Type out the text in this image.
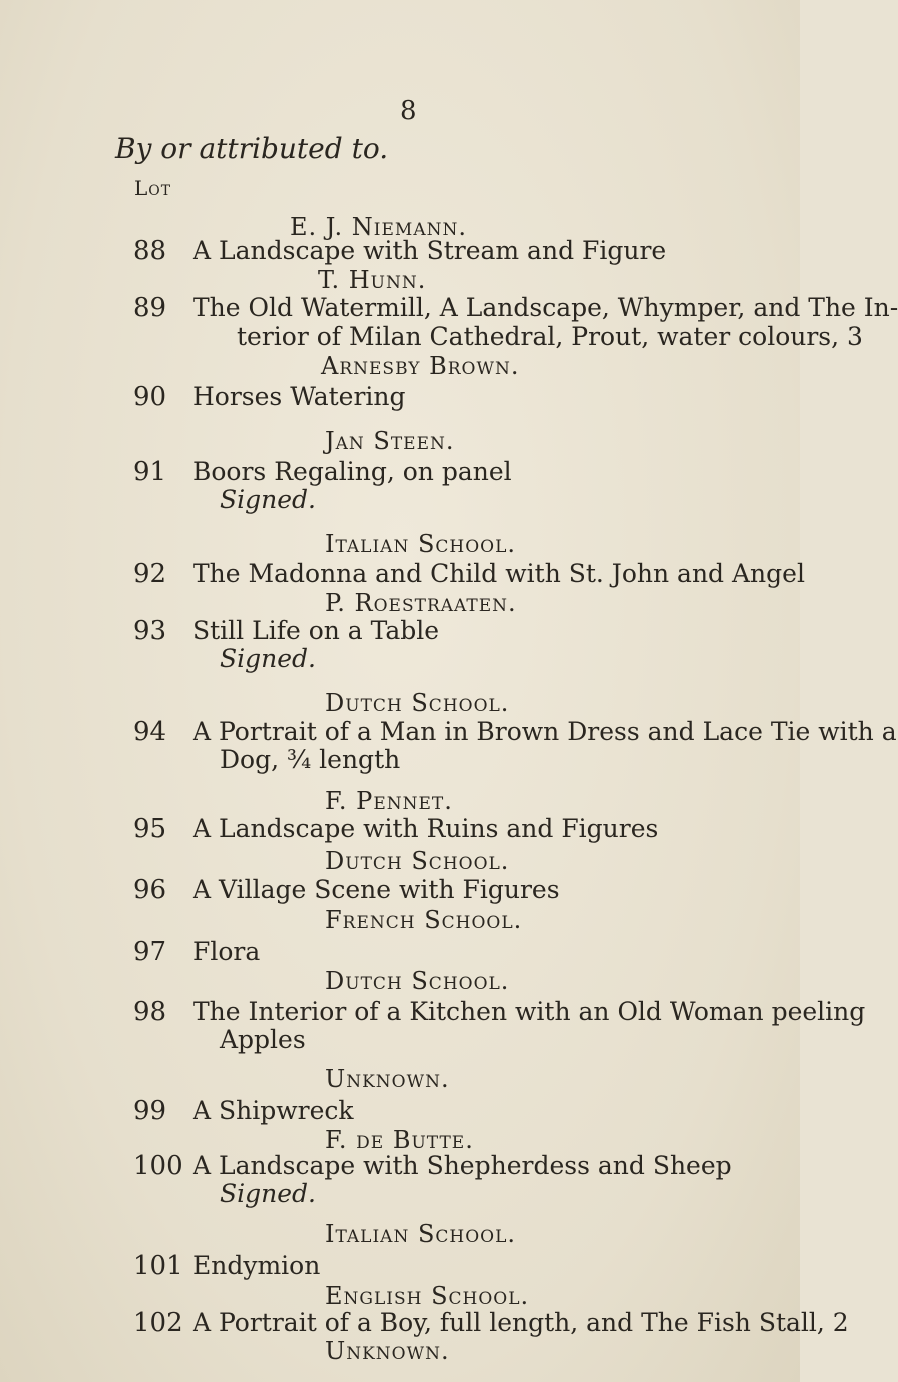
8
By or attributed to.
Lot
E. J. Niemann.
88 A Landscape with Stream and Figure
T. Hunn.
89 The Old Watermill, A Landscape, Whymper, and The In-
terior of Milan Cathedral, Prout, water colours, 3
Arnesby Brown.
90 Horses Watering
Jan Steen.
91 Boors Regaling, on panel
Signed.
Italian School.
92 The Madonna and Child with St. John and Angel
P. Roestraaten.
93 Still Life on a Table
Signed.
Dutch School.
94 A Portrait of a Man in Brown Dress and Lace Tie with a
Dog, ¾ length
F. Pennet.
95 A Landscape with Ruins and Figures
Dutch School.
96 A Village Scene with Figures
French School.
97 Flora
Dutch School.
98 The Interior of a Kitchen with an Old Woman peeling
Apples
Unknown.
99 A Shipwreck
F. de Butte.
100 A Landscape with Shepherdess and Sheep
Signed.
Italian School.
101 Endymion
English School.
102 A Portrait of a Boy, full length, and The Fish Stall, 2
Unknown.
